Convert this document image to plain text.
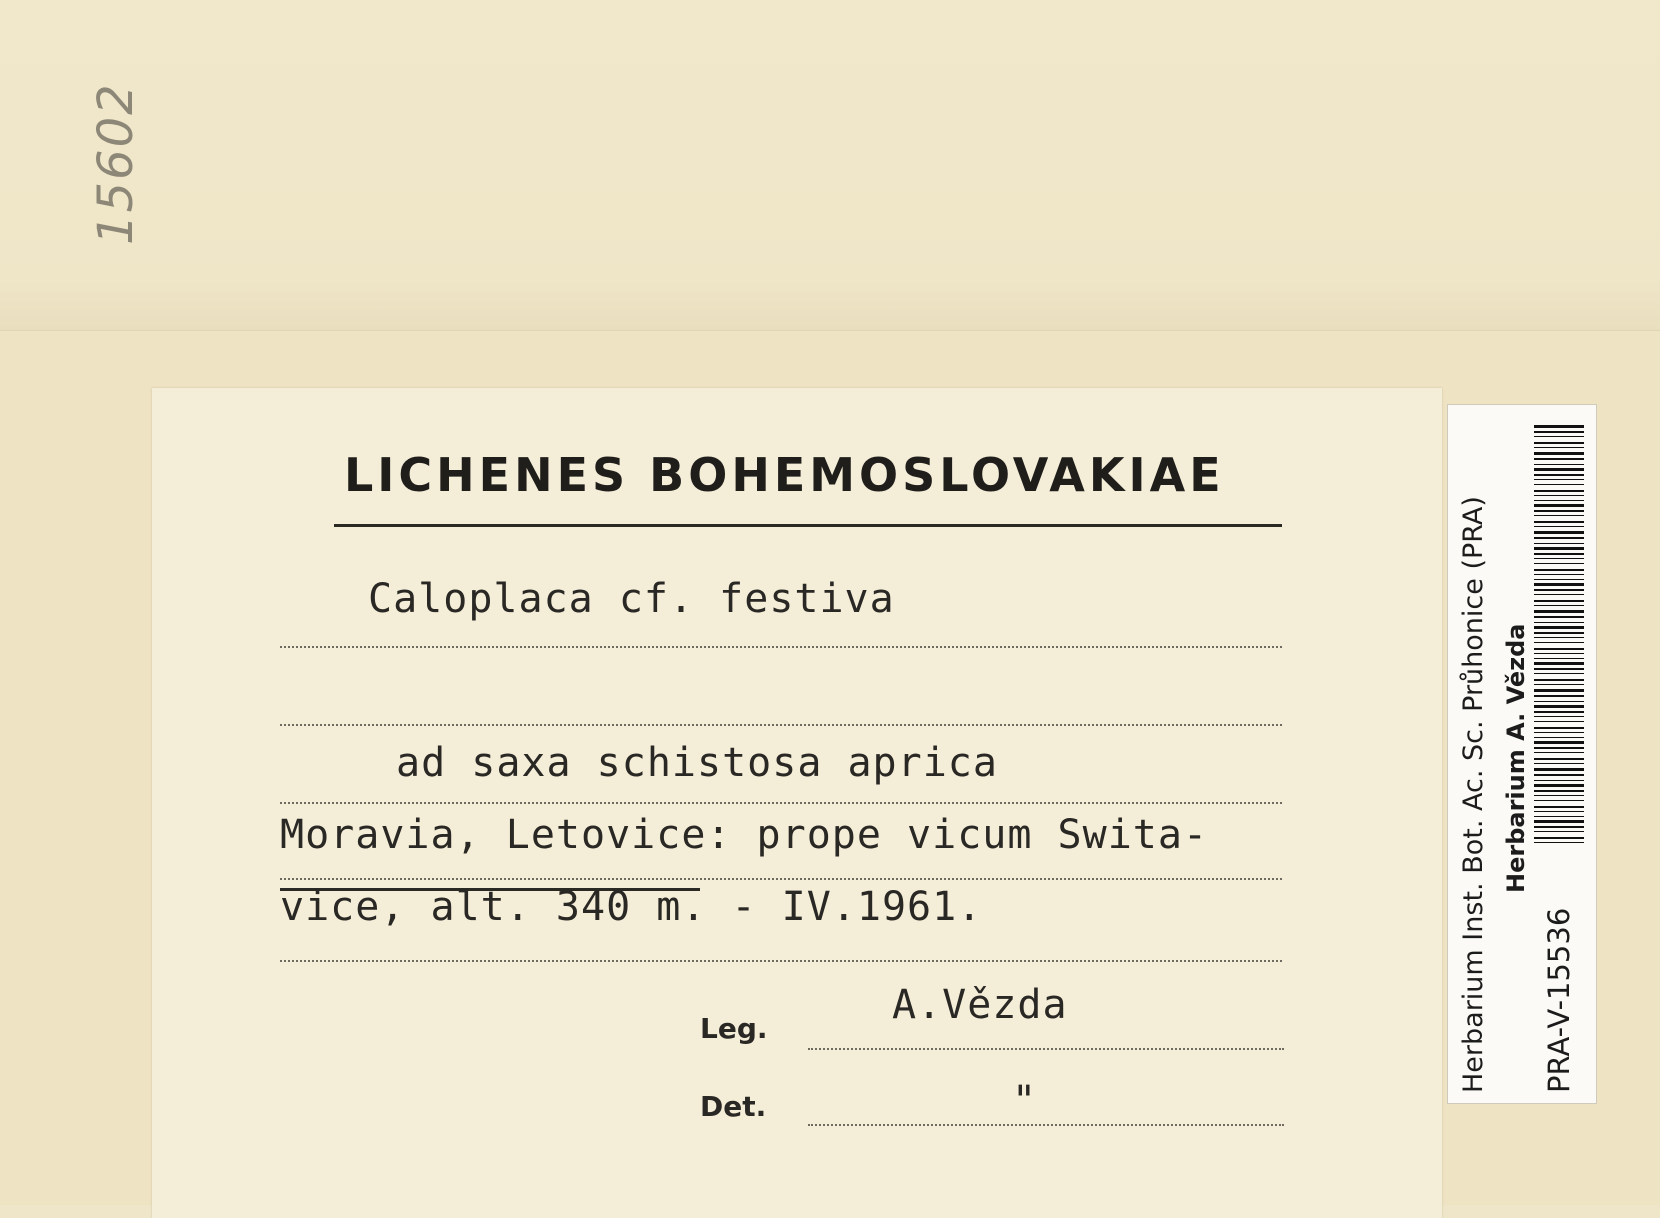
15602
LICHENES BOHEMOSLOVAKIAE
Caloplaca cf. festiva
ad saxa schistosa aprica
Moravia, Letovice: prope vicum Switа-
vice, alt. 340 m. - IV.1961.
Leg.
A.Vězda
Det.	"
Herbarium Inst. Bot. Ac. Sc. Průhonice (PRA) Herbarium A. Vězda
PRA-V-15536
